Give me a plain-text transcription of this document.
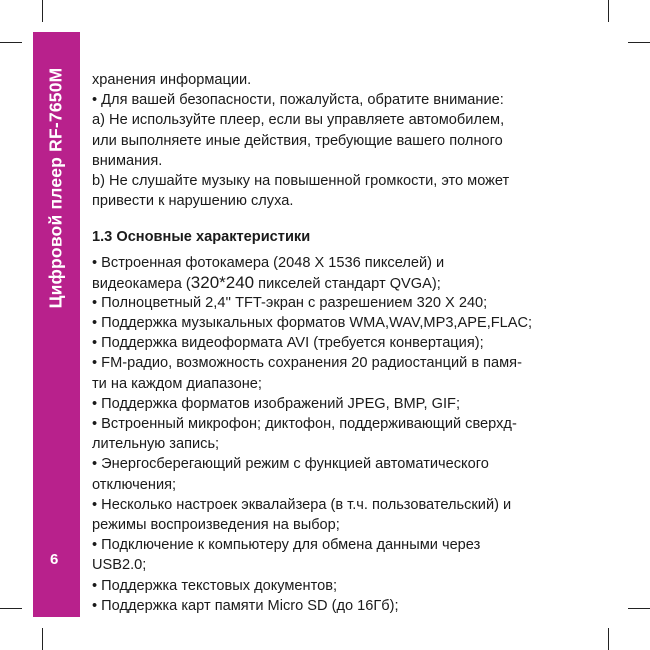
Цифровой плеер RF-7650M
6
хранения информации.
• Для вашей безопасности, пожалуйста, обратите внимание:
a) Не используйте плеер, если вы управляете автомобилем,
или выполняете иные действия, требующие вашего полного
внимания.
b) Не слушайте музыку на повышенной громкости, это может
привести к нарушению слуха.
1.3 Основные характеристики
• Встроенная фотокамера (2048 X 1536 пикселей) и
видеокамера (320*240 пикселей стандарт QVGA);
• Полноцветный 2,4'' TFT-экран с разрешением 320 X 240;
• Поддержка музыкальных форматов WMA,WAV,MP3,APE,FLAC;
• Поддержка видеоформата AVI (требуется конвертация);
• FM-радио, возможность сохранения 20 радиостанций в памя-
ти на каждом диапазоне;
• Поддержка форматов изображений JPEG, BMP, GIF;
• Встроенный микрофон; диктофон, поддерживающий сверхд-
лительную запись;
• Энергосберегающий режим с функцией автоматического
отключения;
• Несколько настроек эквалайзера (в т.ч. пользовательский) и
режимы воспроизведения на выбор;
• Подключение к компьютеру для обмена данными через
USB2.0;
• Поддержка текстовых документов;
• Поддержка карт памяти Micro SD (до 16Гб);
